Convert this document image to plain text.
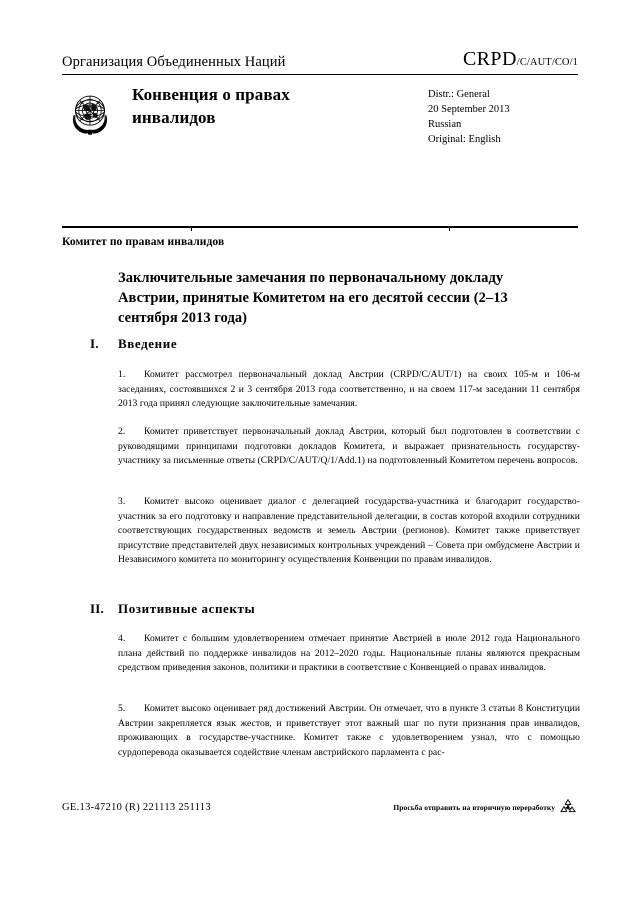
Организация Объединенных Наций	CRPD/C/AUT/CO/1
Конвенция о правах инвалидов
Distr.: General
20 September 2013
Russian
Original: English
Комитет по правам инвалидов
Заключительные замечания по первоначальному докладу Австрии, принятые Комитетом на его десятой сессии (2–13 сентября 2013 года)
I. Введение
1. Комитет рассмотрел первоначальный доклад Австрии (CRPD/C/AUT/1) на своих 105-м и 106-м заседаниях, состоявшихся 2 и 3 сентября 2013 года соответственно, и на своем 117-м заседании 11 сентября 2013 года принял следующие заключительные замечания.
2. Комитет приветствует первоначальный доклад Австрии, который был подготовлен в соответствии с руководящими принципами подготовки докладов Комитета, и выражает признательность государству-участнику за письменные ответы (CRPD/C/AUT/Q/1/Add.1) на подготовленный Комитетом перечень вопросов.
3. Комитет высоко оценивает диалог с делегацией государства-участника и благодарит государство-участник за его подготовку и направление представительной делегации, в состав которой входили сотрудники соответствующих государственных ведомств и земель Австрии (регионов). Комитет также приветствует присутствие представителей двух независимых контрольных учреждений – Совета при омбудсмене Австрии и Независимого комитета по мониторингу осуществления Конвенции по правам инвалидов.
II. Позитивные аспекты
4. Комитет с большим удовлетворением отмечает принятие Австрией в июле 2012 года Национального плана действий по поддержке инвалидов на 2012–2020 годы. Национальные планы являются прекрасным средством приведения законов, политики и практики в соответствие с Конвенцией о правах инвалидов.
5. Комитет высоко оценивает ряд достижений Австрии. Он отмечает, что в пункте 3 статьи 8 Конституции Австрии закрепляется язык жестов, и приветствует этот важный шаг по пути признания прав инвалидов, проживающих в государстве-участнике. Комитет также с удовлетворением узнал, что с помощью сурдоперевода оказывается содействие членам австрийского парламента с рас-
GE.13-47210 (R) 221113 251113	Просьба отправить на вторичную переработку
